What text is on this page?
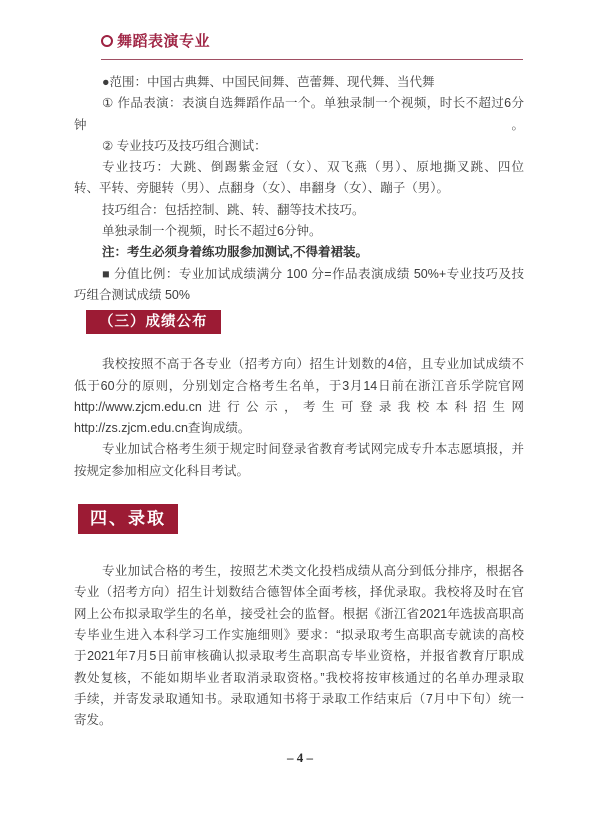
舞蹈表演专业
●范围：中国古典舞、中国民间舞、芭蕾舞、现代舞、当代舞
① 作品表演：表演自选舞蹈作品一个。单独录制一个视频，时长不超过6分钟。
② 专业技巧及技巧组合测试：
专业技巧：大跳、倒踢紫金冠（女）、双飞燕（男）、原地撕叉跳、四位
转、平转、旁腿转（男）、点翻身（女）、串翻身（女）、蹦子（男）。
技巧组合：包括控制、跳、转、翻等技术技巧。
单独录制一个视频，时长不超过6分钟。
注：考生必须身着练功服参加测试,不得着裙装。
■ 分值比例：专业加试成绩满分 100 分=作品表演成绩 50%+专业技巧及技
巧组合测试成绩 50%
（三）成绩公布
我校按照不高于各专业（招考方向）招生计划数的4倍，且专业加试成绩不
低于60分的原则，分别划定合格考生名单，于3月14日前在浙江音乐学院官网
http://www.zjcm.edu.cn进行公示，考生可登录我校本科招生网
http://zs.zjcm.edu.cn查询成绩。
专业加试合格考生须于规定时间登录省教育考试网完成专升本志愿填报，并
按规定参加相应文化科目考试。
四、录取
专业加试合格的考生，按照艺术类文化投档成绩从高分到低分排序，根据各
专业（招考方向）招生计划数结合德智体全面考核，择优录取。我校将及时在官
网上公布拟录取学生的名单，接受社会的监督。根据《浙江省2021年选拔高职高
专毕业生进入本科学习工作实施细则》要求：“拟录取考生高职高专就读的高校
于2021年7月5日前审核确认拟录取考生高职高专毕业资格，并报省教育厅职成
教处复核，不能如期毕业者取消录取资格。”我校将按审核通过的名单办理录取
手续，并寄发录取通知书。录取通知书将于录取工作结束后（7月中下旬）统一
寄发。
– 4 –
